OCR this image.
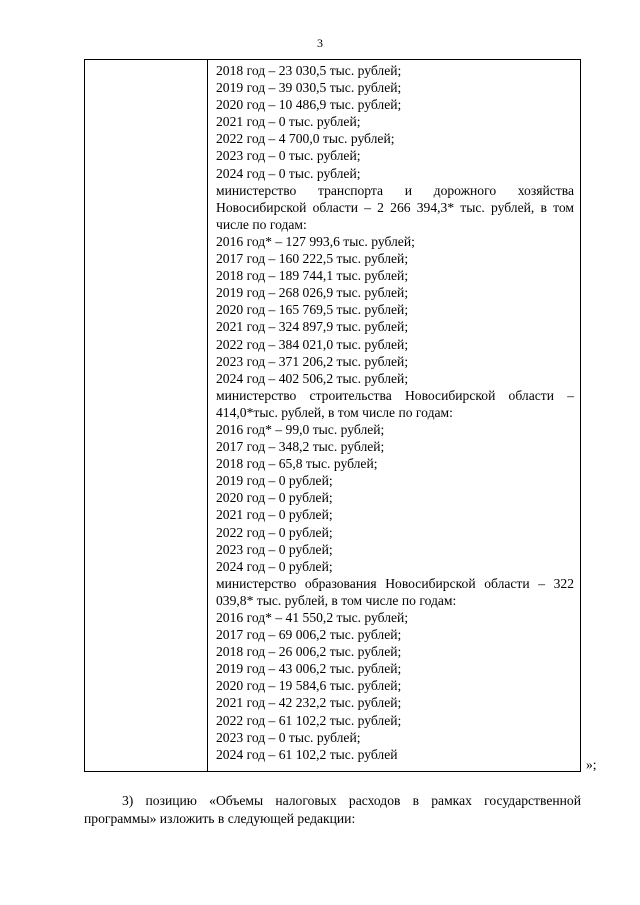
3
2018 год – 23 030,5 тыс. рублей;
2019 год – 39 030,5 тыс. рублей;
2020 год – 10 486,9 тыс. рублей;
2021 год – 0 тыс. рублей;
2022 год – 4 700,0 тыс. рублей;
2023 год – 0 тыс. рублей;
2024 год – 0 тыс. рублей;
министерство транспорта и дорожного хозяйства Новосибирской области – 2 266 394,3* тыс. рублей, в том числе по годам:
2016 год* – 127 993,6 тыс. рублей;
2017 год – 160 222,5 тыс. рублей;
2018 год – 189 744,1 тыс. рублей;
2019 год – 268 026,9 тыс. рублей;
2020 год – 165 769,5 тыс. рублей;
2021 год – 324 897,9 тыс. рублей;
2022 год – 384 021,0 тыс. рублей;
2023 год – 371 206,2 тыс. рублей;
2024 год – 402 506,2 тыс. рублей;
министерство строительства Новосибирской области – 414,0*тыс. рублей, в том числе по годам:
2016 год* – 99,0 тыс. рублей;
2017 год – 348,2 тыс. рублей;
2018 год – 65,8 тыс. рублей;
2019 год – 0 рублей;
2020 год – 0 рублей;
2021 год – 0 рублей;
2022 год – 0 рублей;
2023 год – 0 рублей;
2024 год – 0 рублей;
министерство образования Новосибирской области – 322 039,8* тыс. рублей, в том числе по годам:
2016 год* – 41 550,2 тыс. рублей;
2017 год – 69 006,2 тыс. рублей;
2018 год – 26 006,2 тыс. рублей;
2019 год – 43 006,2 тыс. рублей;
2020 год – 19 584,6 тыс. рублей;
2021 год – 42 232,2 тыс. рублей;
2022 год – 61 102,2 тыс. рублей;
2023 год – 0 тыс. рублей;
2024 год – 61 102,2 тыс. рублей
»;
3) позицию «Объемы налоговых расходов в рамках государственной
программы» изложить в следующей редакции:
